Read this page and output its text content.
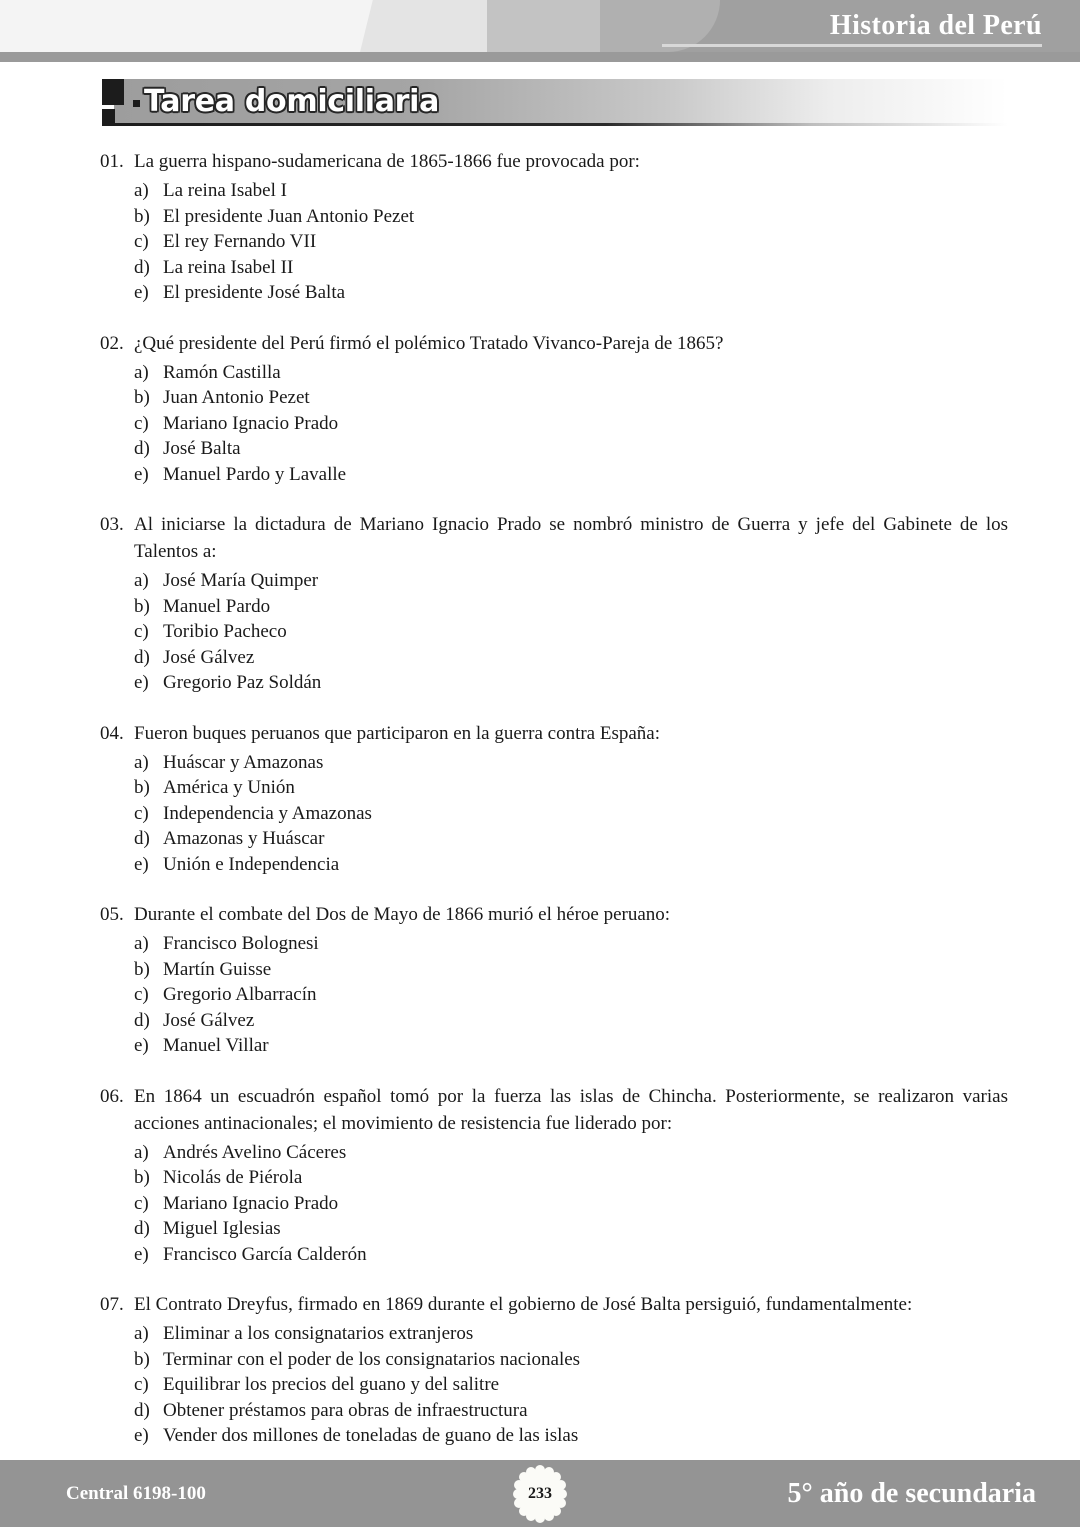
Historia del Perú
Tarea domiciliaria
01. La guerra hispano-sudamericana de 1865-1866 fue provocada por:
a) La reina Isabel I
b) El presidente Juan Antonio Pezet
c) El rey Fernando VII
d) La reina Isabel II
e) El presidente José Balta
02. ¿Qué presidente del Perú firmó el polémico Tratado Vivanco-Pareja de 1865?
a) Ramón Castilla
b) Juan Antonio Pezet
c) Mariano Ignacio Prado
d) José Balta
e) Manuel Pardo y Lavalle
03. Al iniciarse la dictadura de Mariano Ignacio Prado se nombró ministro de Guerra y jefe del Gabinete de los Talentos a:
a) José María Quimper
b) Manuel Pardo
c) Toribio Pacheco
d) José Gálvez
e) Gregorio Paz Soldán
04. Fueron buques peruanos que participaron en la guerra contra España:
a) Huáscar y Amazonas
b) América y Unión
c) Independencia y Amazonas
d) Amazonas y Huáscar
e) Unión e Independencia
05. Durante el combate del Dos de Mayo de 1866 murió el héroe peruano:
a) Francisco Bolognesi
b) Martín Guisse
c) Gregorio Albarracín
d) José Gálvez
e) Manuel Villar
06. En 1864 un escuadrón español tomó por la fuerza las islas de Chincha. Posteriormente, se realizaron varias acciones antinacionales; el movimiento de resistencia fue liderado por:
a) Andrés Avelino Cáceres
b) Nicolás de Piérola
c) Mariano Ignacio Prado
d) Miguel Iglesias
e) Francisco García Calderón
07. El Contrato Dreyfus, firmado en 1869 durante el gobierno de José Balta persiguió, fundamentalmente:
a) Eliminar a los consignatarios extranjeros
b) Terminar con el poder de los consignatarios nacionales
c) Equilibrar los precios del guano y del salitre
d) Obtener préstamos para obras de infraestructura
e) Vender dos millones de toneladas de guano de las islas
Central 6198-100	233	5° año de secundaria
